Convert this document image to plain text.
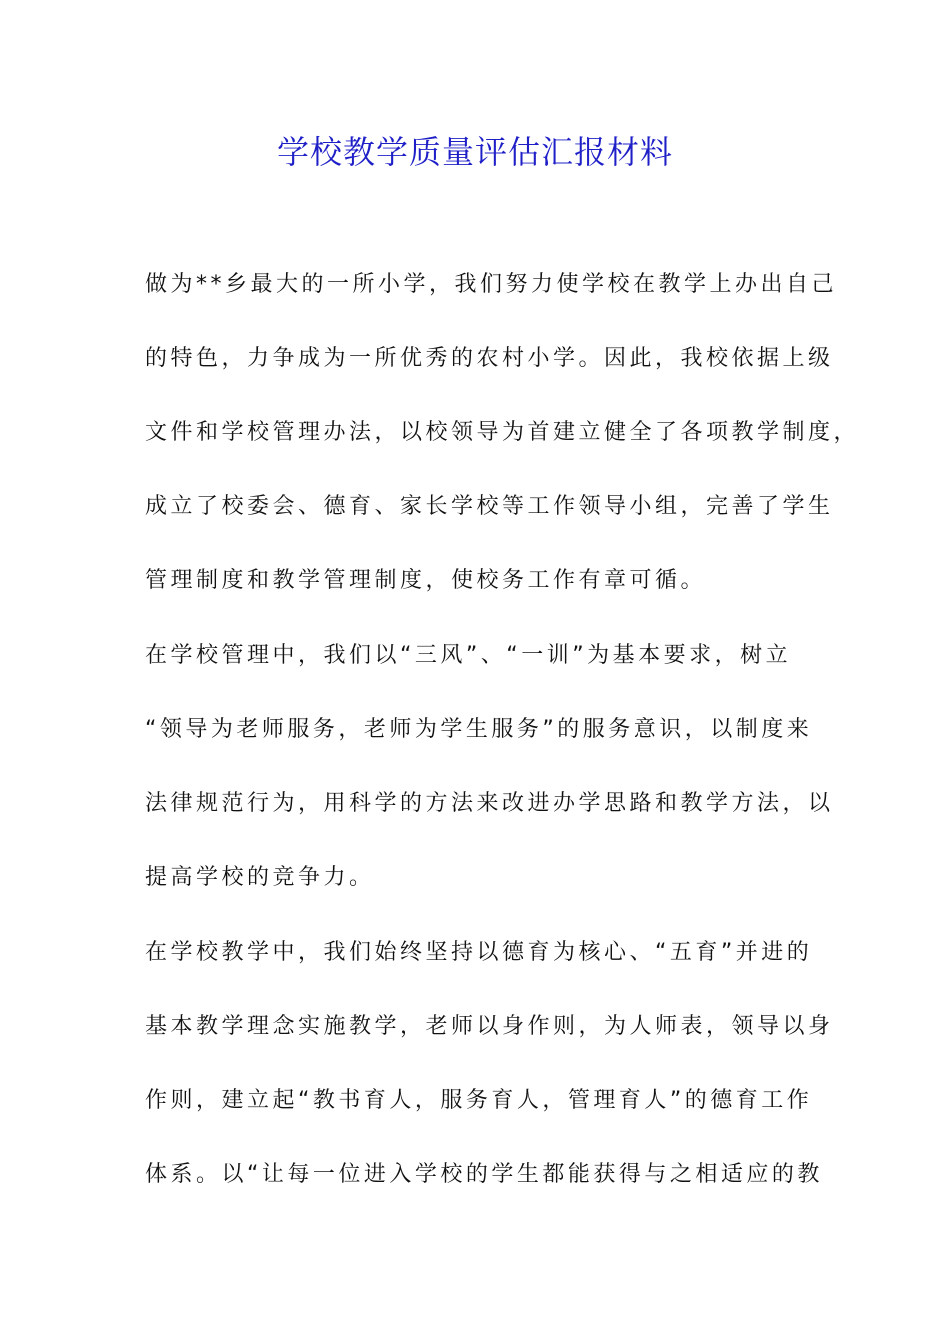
学校教学质量评估汇报材料
做为**乡最大的一所小学，我们努力使学校在教学上办出自己
的特色，力争成为一所优秀的农村小学。因此，我校依据上级
文件和学校管理办法，以校领导为首建立健全了各项教学制度，
成立了校委会、德育、家长学校等工作领导小组，完善了学生
管理制度和教学管理制度，使校务工作有章可循。
在学校管理中，我们以“三风”、“一训”为基本要求，树立
“领导为老师服务，老师为学生服务”的服务意识，以制度来
法律规范行为，用科学的方法来改进办学思路和教学方法，以
提高学校的竞争力。
在学校教学中，我们始终坚持以德育为核心、“五育”并进的
基本教学理念实施教学，老师以身作则，为人师表，领导以身
作则，建立起“教书育人，服务育人，管理育人”的德育工作
体系。以“让每一位进入学校的学生都能获得与之相适应的教
